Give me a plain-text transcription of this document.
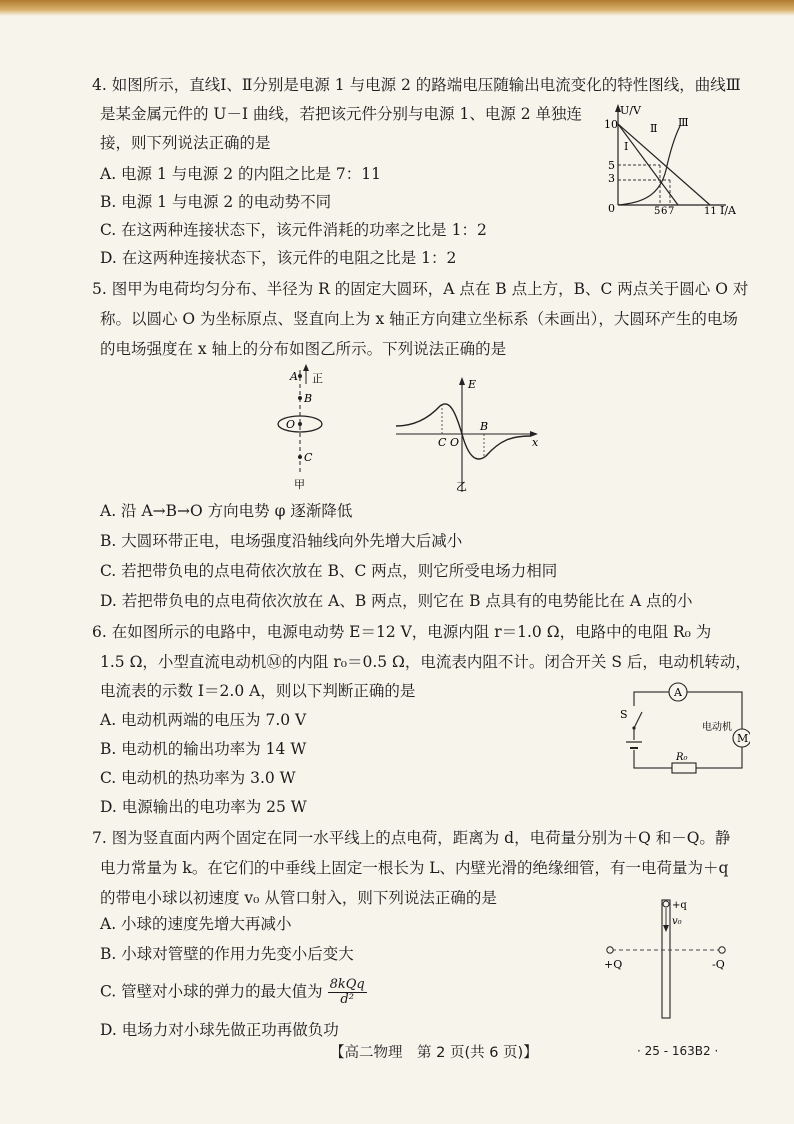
4. 如图所示，直线Ⅰ、Ⅱ分别是电源 1 与电源 2 的路端电压随输出电流变化的特性图线，曲线Ⅲ
是某金属元件的 U－I 曲线，若把该元件分别与电源 1、电源 2 单独连
接，则下列说法正确的是
A. 电源 1 与电源 2 的内阻之比是 7：11
B. 电源 1 与电源 2 的电动势不同
C. 在这两种连接状态下，该元件消耗的功率之比是 1：2
D. 在这两种连接状态下，该元件的电阻之比是 1：2
U/V
I/A
0
10
5
3
5 6 7	11
Ⅰ
Ⅱ Ⅲ
5. 图甲为电荷均匀分布、半径为 R 的固定大圆环，A 点在 B 点上方，B、C 两点关于圆心 O 对
称。以圆心 O 为坐标原点、竖直向上为 x 轴正方向建立坐标系（未画出），大圆环产生的电场
的电场强度在 x 轴上的分布如图乙所示。下列说法正确的是
A
B
O
C
正
甲
E
x
C O
B
乙
A. 沿 A→B→O 方向电势 φ 逐渐降低
B. 大圆环带正电，电场强度沿轴线向外先增大后减小
C. 若把带负电的点电荷依次放在 B、C 两点，则它所受电场力相同
D. 若把带负电的点电荷依次放在 A、B 两点，则它在 B 点具有的电势能比在 A 点的小
6. 在如图所示的电路中，电源电动势 E＝12 V，电源内阻 r＝1.0 Ω，电路中的电阻 R₀ 为
1.5 Ω，小型直流电动机Ⓜ的内阻 r₀＝0.5 Ω，电流表内阻不计。闭合开关 S 后，电动机转动，
电流表的示数 I＝2.0 A，则以下判断正确的是
A. 电动机两端的电压为 7.0 V
B. 电动机的输出功率为 14 W
C. 电动机的热功率为 3.0 W
D. 电源输出的电功率为 25 W
A
S
M
电动机
R₀
7. 图为竖直面内两个固定在同一水平线上的点电荷，距离为 d，电荷量分别为＋Q 和－Q。静
电力常量为 k。在它们的中垂线上固定一根长为 L、内壁光滑的绝缘细管，有一电荷量为＋q
的带电小球以初速度 v₀ 从管口射入，则下列说法正确的是
A. 小球的速度先增大再减小
B. 小球对管壁的作用力先变小后变大
C. 管壁对小球的弹力的最大值为 $\frac{\text{8kQq}}{\text{d²}}$
D. 电场力对小球先做正功再做负功
+q
v₀
+Q	-Q
【高二物理　第 2 页(共 6 页)】	· 25 - 163B2 ·
